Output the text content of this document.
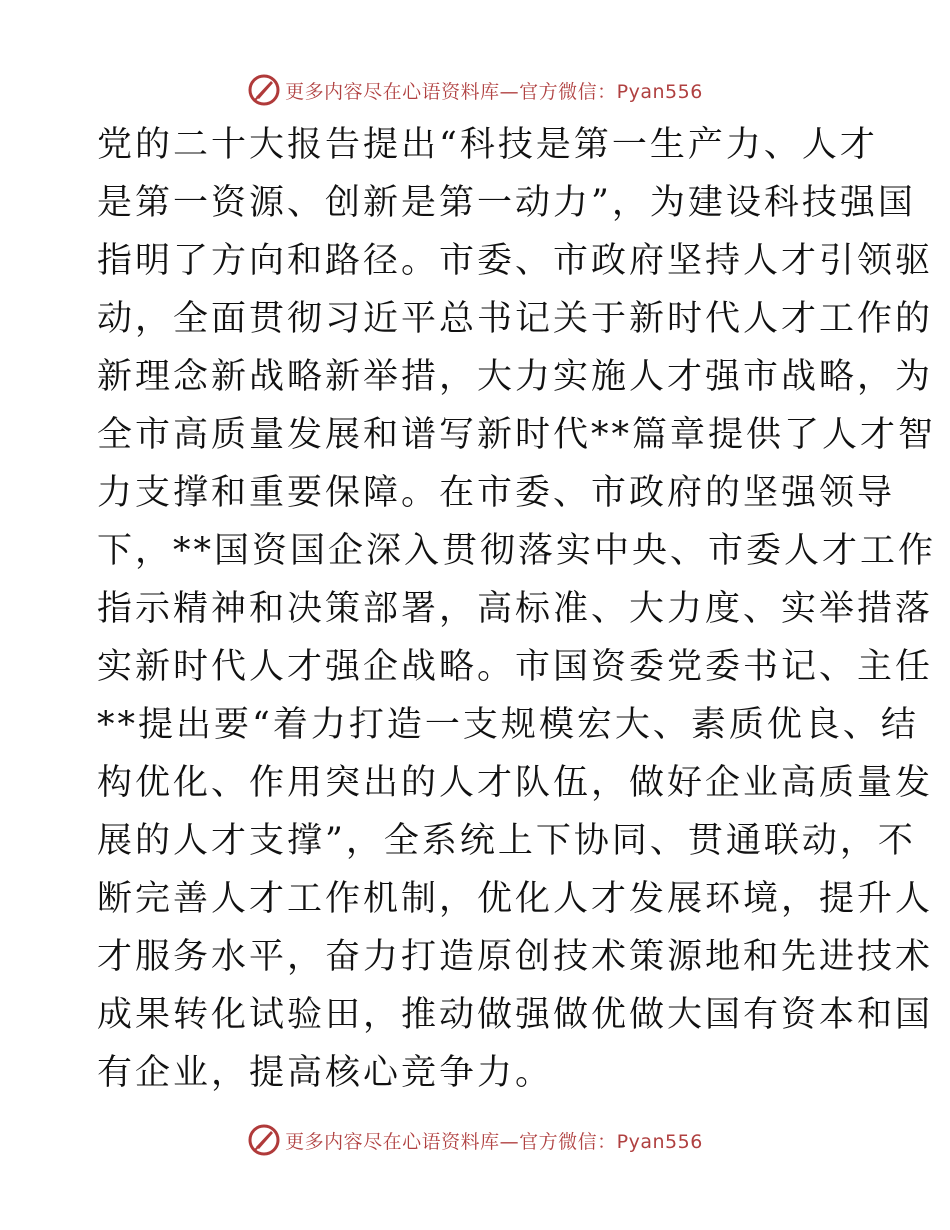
更多内容尽在心语资料库—官方微信：Pyan556
党的二十大报告提出“科技是第一生产力、人才
是第一资源、创新是第一动力”，为建设科技强国
指明了方向和路径。市委、市政府坚持人才引领驱
动，全面贯彻习近平总书记关于新时代人才工作的
新理念新战略新举措，大力实施人才强市战略，为
全市高质量发展和谱写新时代**篇章提供了人才智
力支撑和重要保障。在市委、市政府的坚强领导
下，**国资国企深入贯彻落实中央、市委人才工作
指示精神和决策部署，高标准、大力度、实举措落
实新时代人才强企战略。市国资委党委书记、主任
**提出要“着力打造一支规模宏大、素质优良、结
构优化、作用突出的人才队伍，做好企业高质量发
展的人才支撑”，全系统上下协同、贯通联动，不
断完善人才工作机制，优化人才发展环境，提升人
才服务水平，奋力打造原创技术策源地和先进技术
成果转化试验田，推动做强做优做大国有资本和国
有企业，提高核心竞争力。
更多内容尽在心语资料库—官方微信：Pyan556
